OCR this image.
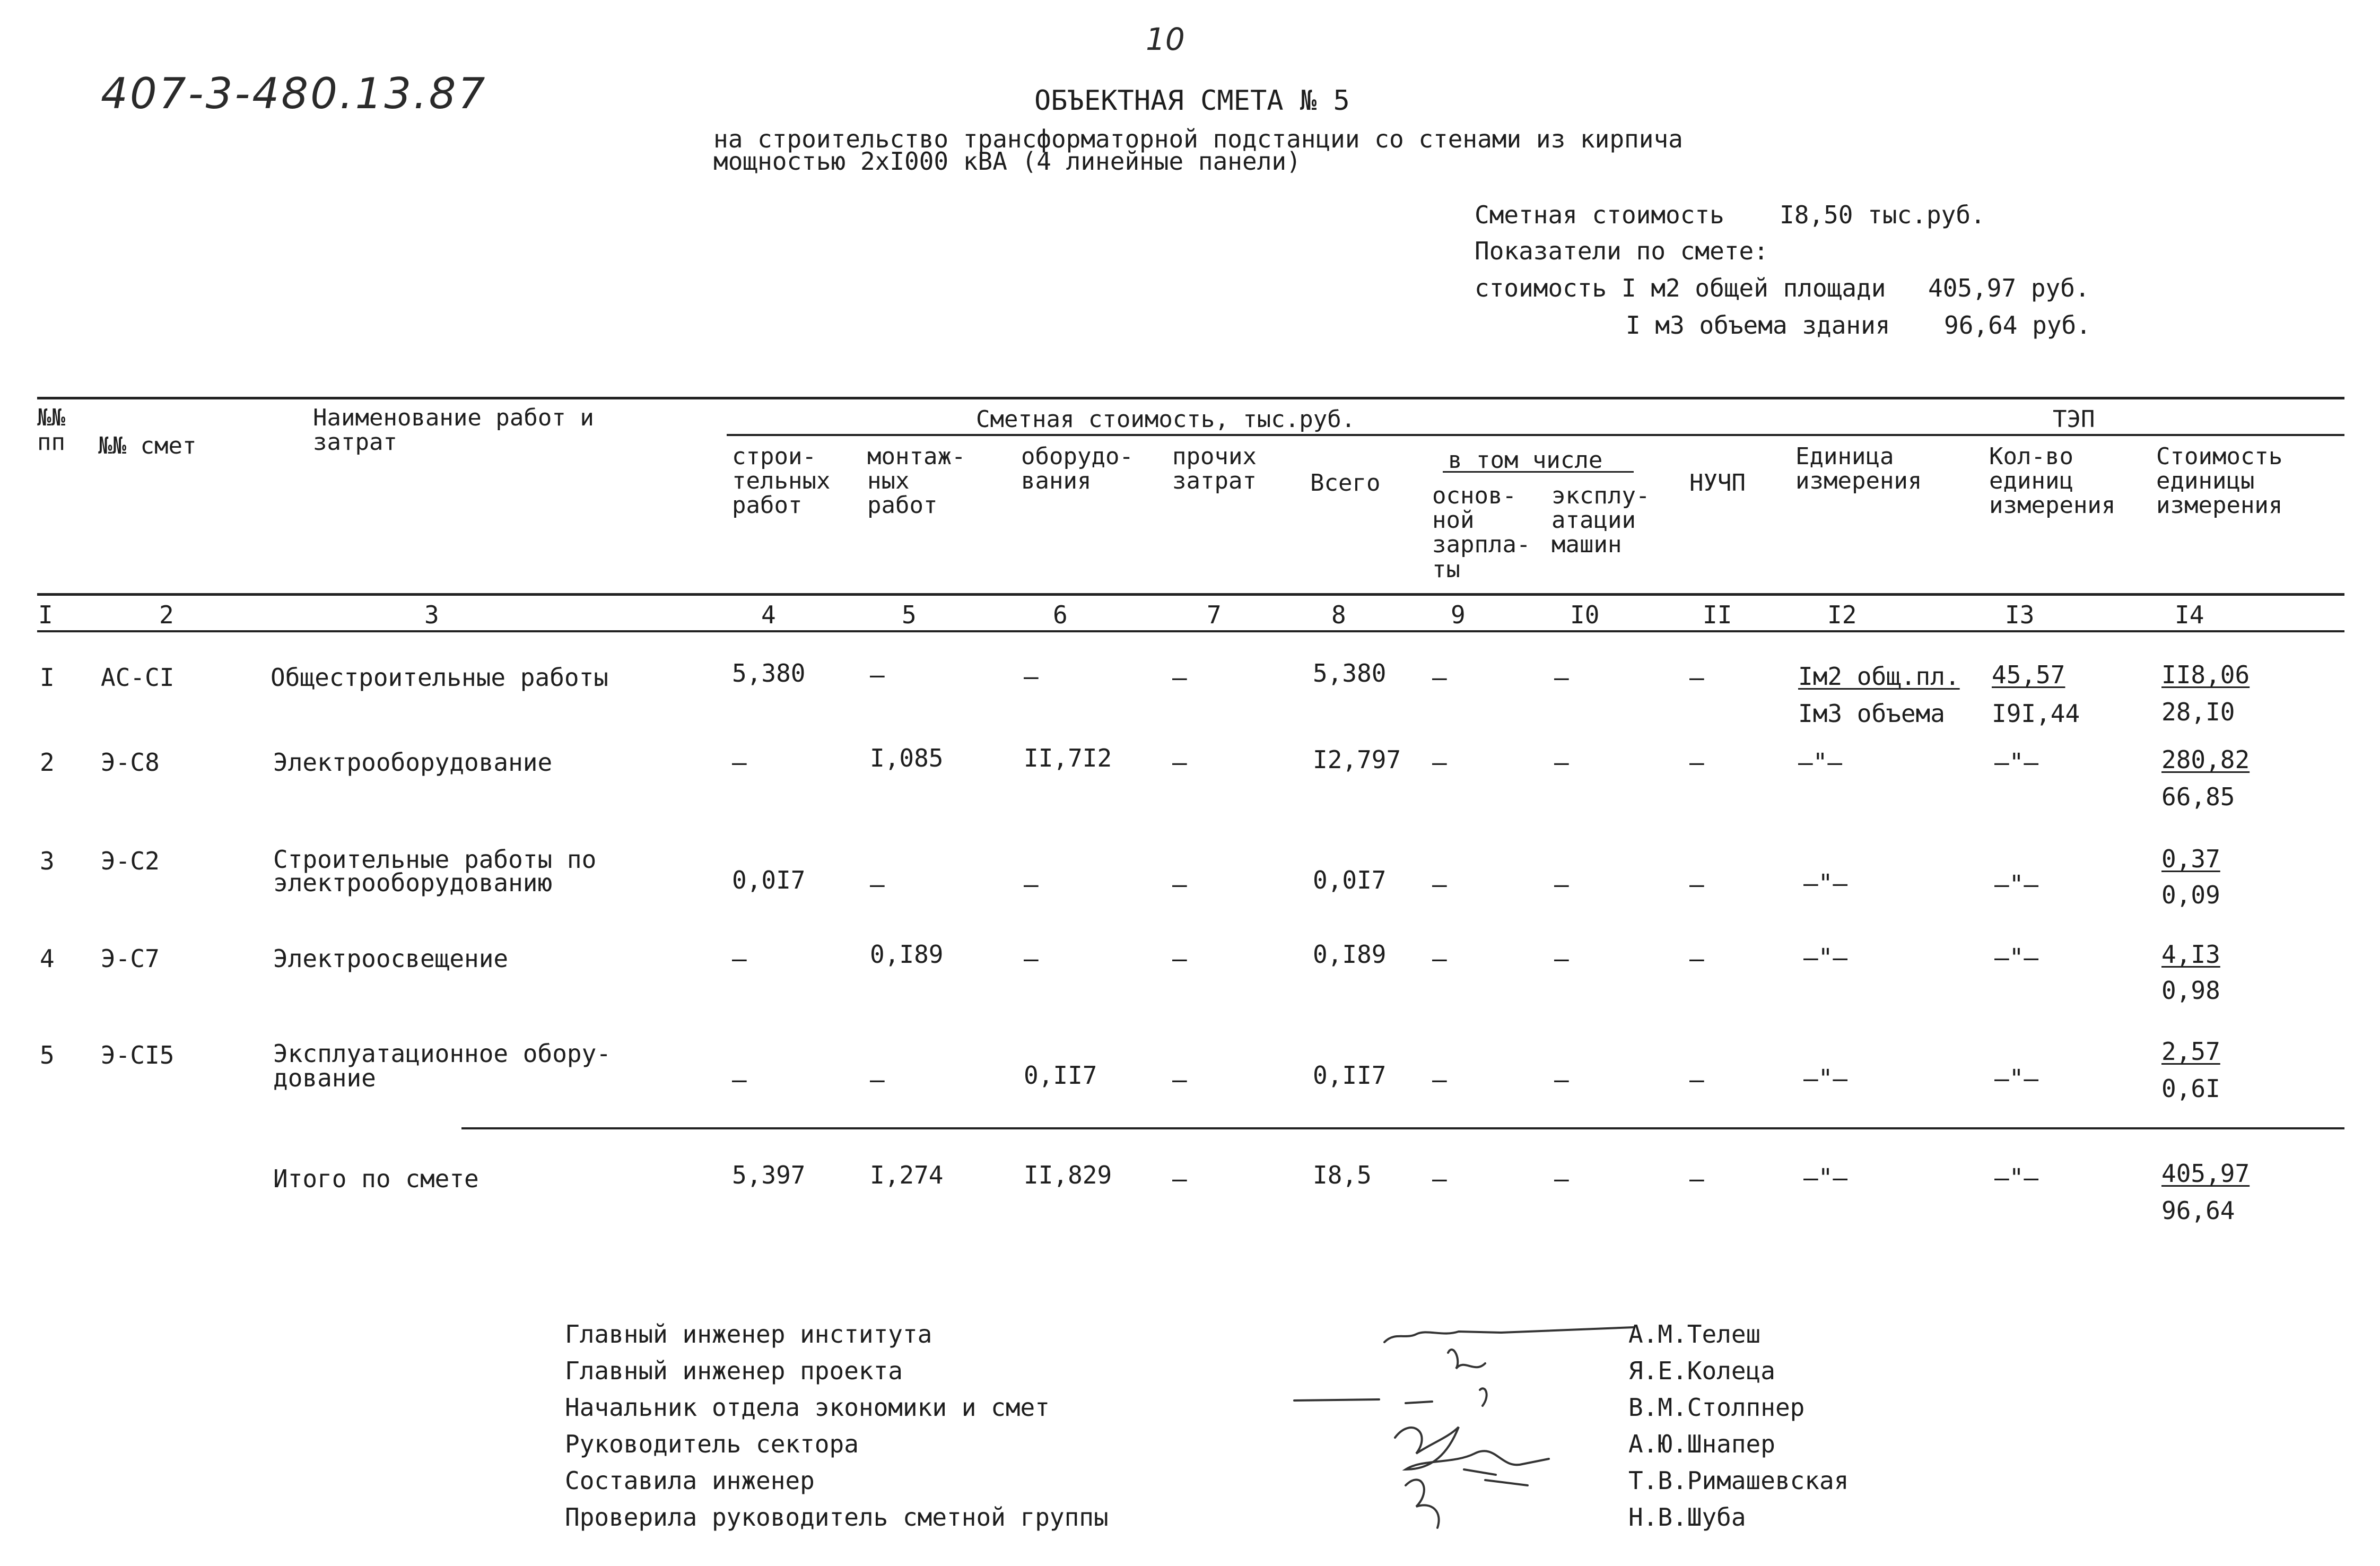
10
407-3-480.13.87	ОБЪЕКТНАЯ СМЕТА № 5
на строительство трансформаторной подстанции со стенами из кирпича
мощностью 2хI000 кВА (4 линейные панели)
Сметная стоимость I8,50 тыс.руб.
Показатели по смете:
стоимость I м2 общей площади 405,97 руб.
I м3 объема здания 96,64 руб.
№№ пп	№№ смет
Наименование работ и затрат
Сметная стоимость, тыс.руб.
строи- тельных работ
монтаж- ных работ
оборудо- вания
прочих затрат	Всего
в том числе
основ- ной зарпла- ты
эксплу- атации машин
НУЧП
ТЭП
Единица измерения
Кол-во единиц измерения
Стоимость единицы измерения
I	2	3	4	5	6	7	8	9	I0	II	I2	I3	I4
I АС-СI	Общестроительные работы	5,380	–	–	–	5,380 –	–	–	Iм2 общ.пл.
Iм3 объема
45,57
I9I,44
II8,06
28,I0
2 Э-С8	Электрооборудование	–	I,085	II,7I2 –	I2,797 –	–	–	–"–	–"–	280,82
66,85
3 Э-С2	Строительные работы по
электрооборудованию	0,0I7	–	–	–	0,0I7 –	–	–	–"–	–"–
0,37
0,09
4 Э-С7	Электроосвещение	–	0,I89	–	–	0,I89 –	–	–	–"–	–"–	4,I3
0,98
5 Э-СI5	Эксплуатационное обору-
дование	–	–	0,II7	–	0,II7 –	–	–	–"–	–"–
2,57
0,6I
Итого по смете	5,397	I,274	II,829 –	I8,5 –	–	–	–"–	–"–	405,97
96,64
Главный инженер института
Главный инженер проекта
Начальник отдела экономики и смет
Руководитель сектора
Составила инженер
Проверила руководитель сметной группы
А.М.Телеш
Я.Е.Колеца
В.М.Столпнер
А.Ю.Шнапер
Т.В.Римашевская
Н.В.Шуба
